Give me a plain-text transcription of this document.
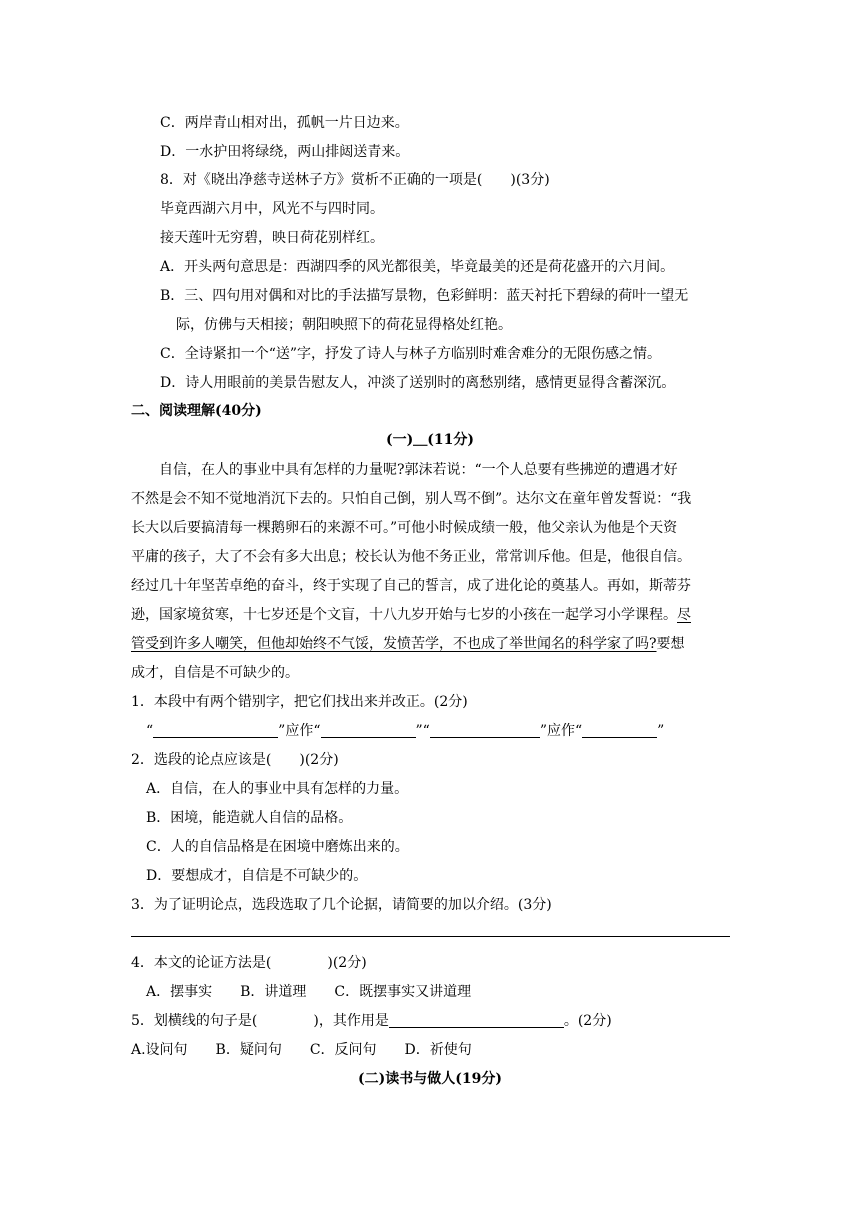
C．两岸青山相对出，孤帆一片日边来。
D．一水护田将绿绕，两山排闼送青来。
8．对《晓出净慈寺送林子方》赏析不正确的一项是(　　)(3分)
毕竟西湖六月中，风光不与四时同。
接天莲叶无穷碧，映日荷花别样红。
A．开头两句意思是：西湖四季的风光都很美，毕竟最美的还是荷花盛开的六月间。
B．三、四句用对偶和对比的手法描写景物，色彩鲜明：蓝天衬托下碧绿的荷叶一望无
际，仿佛与天相接；朝阳映照下的荷花显得格处红艳。
C．全诗紧扣一个“送”字，抒发了诗人与林子方临别时难舍难分的无限伤感之情。
D．诗人用眼前的美景告慰友人，冲淡了送别时的离愁别绪，感情更显得含蓄深沉。
二、阅读理解(40分)
(一)＿(11分)
自信，在人的事业中具有怎样的力量呢?郭沫若说：“一个人总要有些拂逆的遭遇才好
不然是会不知不觉地消沉下去的。只怕自己倒，别人骂不倒”。达尔文在童年曾发誓说：“我
长大以后要搞清每一棵鹅卵石的来源不可。”可他小时候成绩一般，他父亲认为他是个天资
平庸的孩子，大了不会有多大出息；校长认为他不务正业，常常训斥他。但是，他很自信。
经过几十年坚苦卓绝的奋斗，终于实现了自己的誓言，成了进化论的奠基人。再如，斯蒂芬
逊，国家境贫寒，十七岁还是个文盲，十八九岁开始与七岁的小孩在一起学习小学课程。尽
管受到许多人嘲笑，但他却始终不气馁，发愤苦学，不也成了举世闻名的科学家了吗?要想
成才，自信是不可缺少的。
1．本段中有两个错别字，把它们找出来并改正。(2分)
“	”应作“	”“	”应作“	”
2．选段的论点应该是(　　)(2分)
A．自信，在人的事业中具有怎样的力量。
B．困境，能造就人自信的品格。
C．人的自信品格是在困境中磨炼出来的。
D．要想成才，自信是不可缺少的。
3．为了证明论点，选段选取了几个论据，请简要的加以介绍。(3分)
4．本文的论证方法是(　　　　)(2分)
A．摆事实　　B．讲道理　　C．既摆事实又讲道理
5．划横线的句子是(　　　　)，其作用是	。(2分)
A.设问句　　B．疑问句　　C．反问句　　D．祈使句
(二)读书与做人(19分)
